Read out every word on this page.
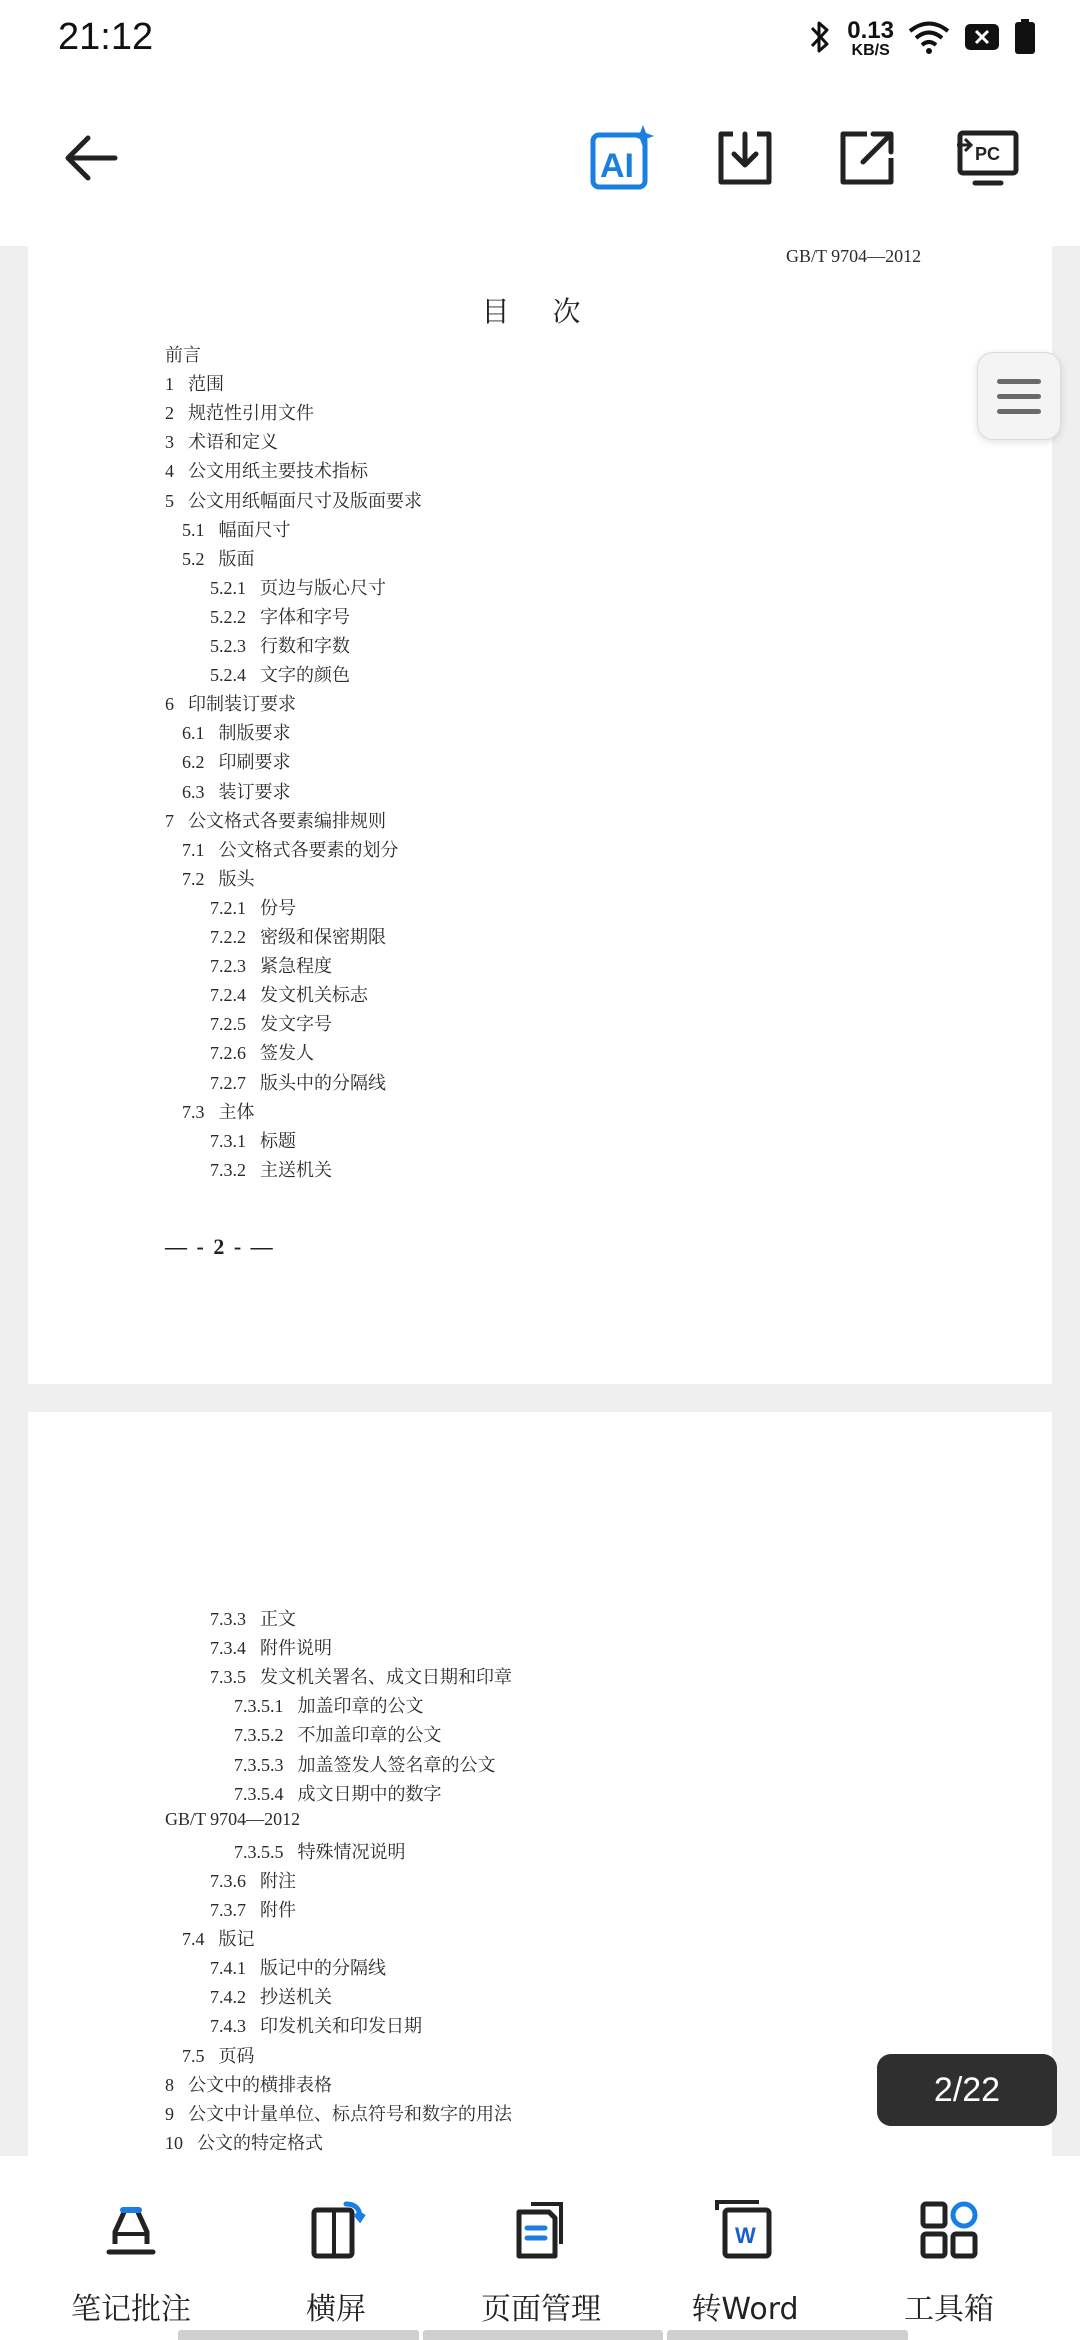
21:12	0.13
KB/S
AI	PC
GB/T 9704—2012
目 次
— - 2 - —
前言
1 范围
2 规范性引用文件
3 术语和定义
4 公文用纸主要技术指标
5 公文用纸幅面尺寸及版面要求
5.1 幅面尺寸
5.2 版面
5.2.1 页边与版心尺寸
5.2.2 字体和字号
5.2.3 行数和字数
5.2.4 文字的颜色
6 印制装订要求
6.1 制版要求
6.2 印刷要求
6.3 装订要求
7 公文格式各要素编排规则
7.1 公文格式各要素的划分
7.2 版头
7.2.1 份号
7.2.2 密级和保密期限
7.2.3 紧急程度
7.2.4 发文机关标志
7.2.5 发文字号
7.2.6 签发人
7.2.7 版头中的分隔线
7.3 主体
7.3.1 标题
7.3.2 主送机关
7.3.3 正文
7.3.4 附件说明
7.3.5 发文机关署名、成文日期和印章
7.3.5.1 加盖印章的公文
7.3.5.2 不加盖印章的公文
7.3.5.3 加盖签发人签名章的公文
7.3.5.4 成文日期中的数字
GB/T 9704—2012
7.3.5.5 特殊情况说明
7.3.6 附注
7.3.7 附件
7.4 版记
7.4.1 版记中的分隔线
7.4.2 抄送机关
7.4.3 印发机关和印发日期
7.5 页码
8 公文中的横排表格
9 公文中计量单位、标点符号和数字的用法
10 公文的特定格式
2/22
笔记批注	横屏	页面管理
W
转Word	工具箱
